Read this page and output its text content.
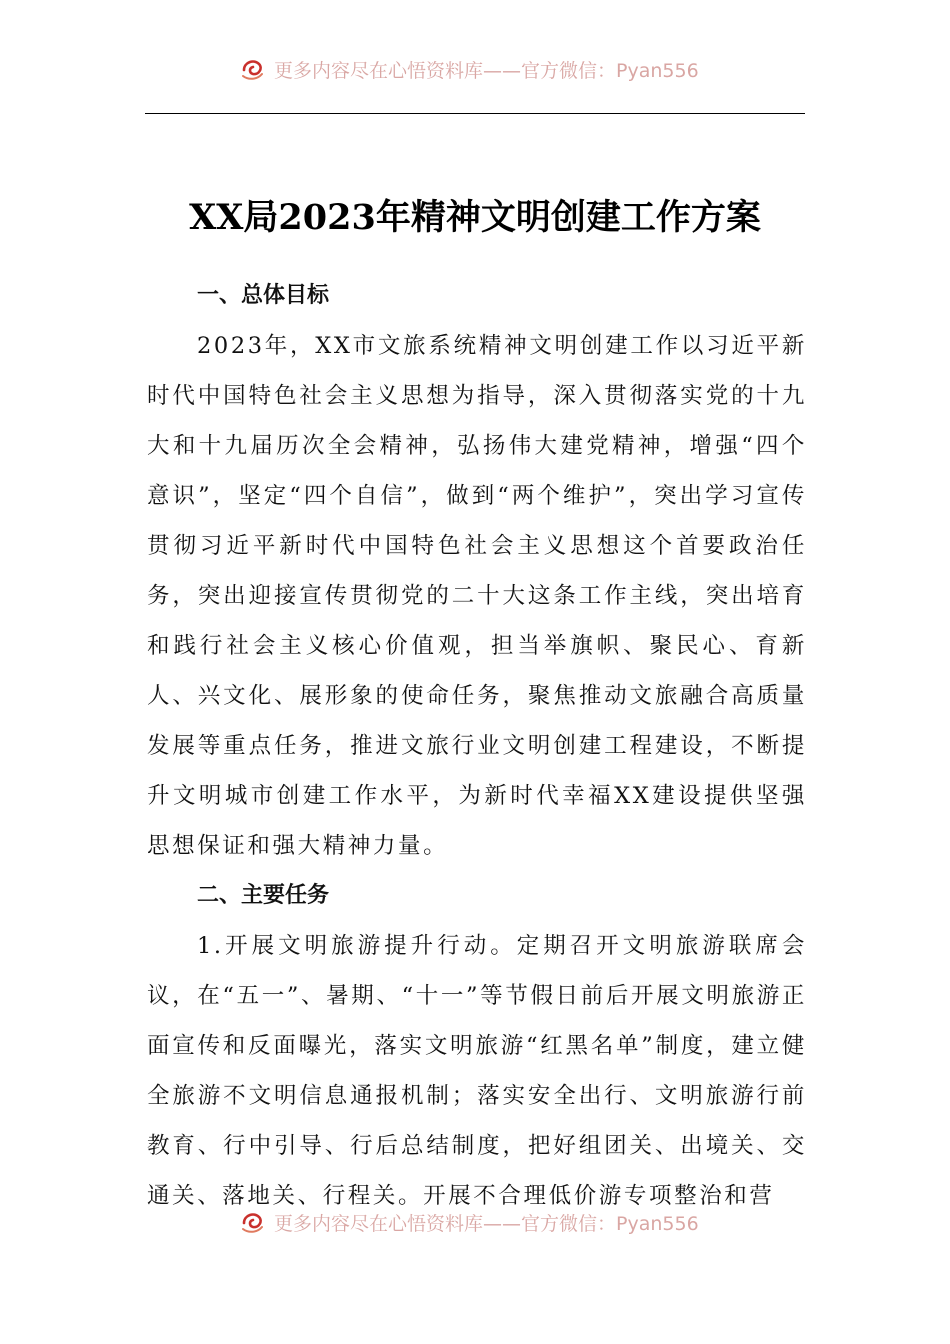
更多内容尽在心悟资料库——官方微信：Pyan556
XX局2023年精神文明创建工作方案
一、总体目标

2023年，XX市文旅系统精神文明创建工作以习近平新时代中国特色社会主义思想为指导，深入贯彻落实党的十九大和十九届历次全会精神，弘扬伟大建党精神，增强“四个意识”，坚定“四个自信”，做到“两个维护”，突出学习宣传贯彻习近平新时代中国特色社会主义思想这个首要政治任务，突出迎接宣传贯彻党的二十大这条工作主线，突出培育和践行社会主义核心价值观，担当举旗帜、聚民心、育新人、兴文化、展形象的使命任务，聚焦推动文旅融合高质量发展等重点任务，推进文旅行业文明创建工程建设，不断提升文明城市创建工作水平，为新时代幸福XX建设提供坚强思想保证和强大精神力量。

二、主要任务

1.开展文明旅游提升行动。定期召开文明旅游联席会议，在“五一”、暑期、“十一”等节假日前后开展文明旅游正面宣传和反面曝光，落实文明旅游“红黑名单”制度，建立健全旅游不文明信息通报机制；落实安全出行、文明旅游行前教育、行中引导、行后总结制度，把好组团关、出境关、交通关、落地关、行程关。开展不合理低价游专项整治和营

更多内容尽在心悟资料库——官方微信：Pyan556
